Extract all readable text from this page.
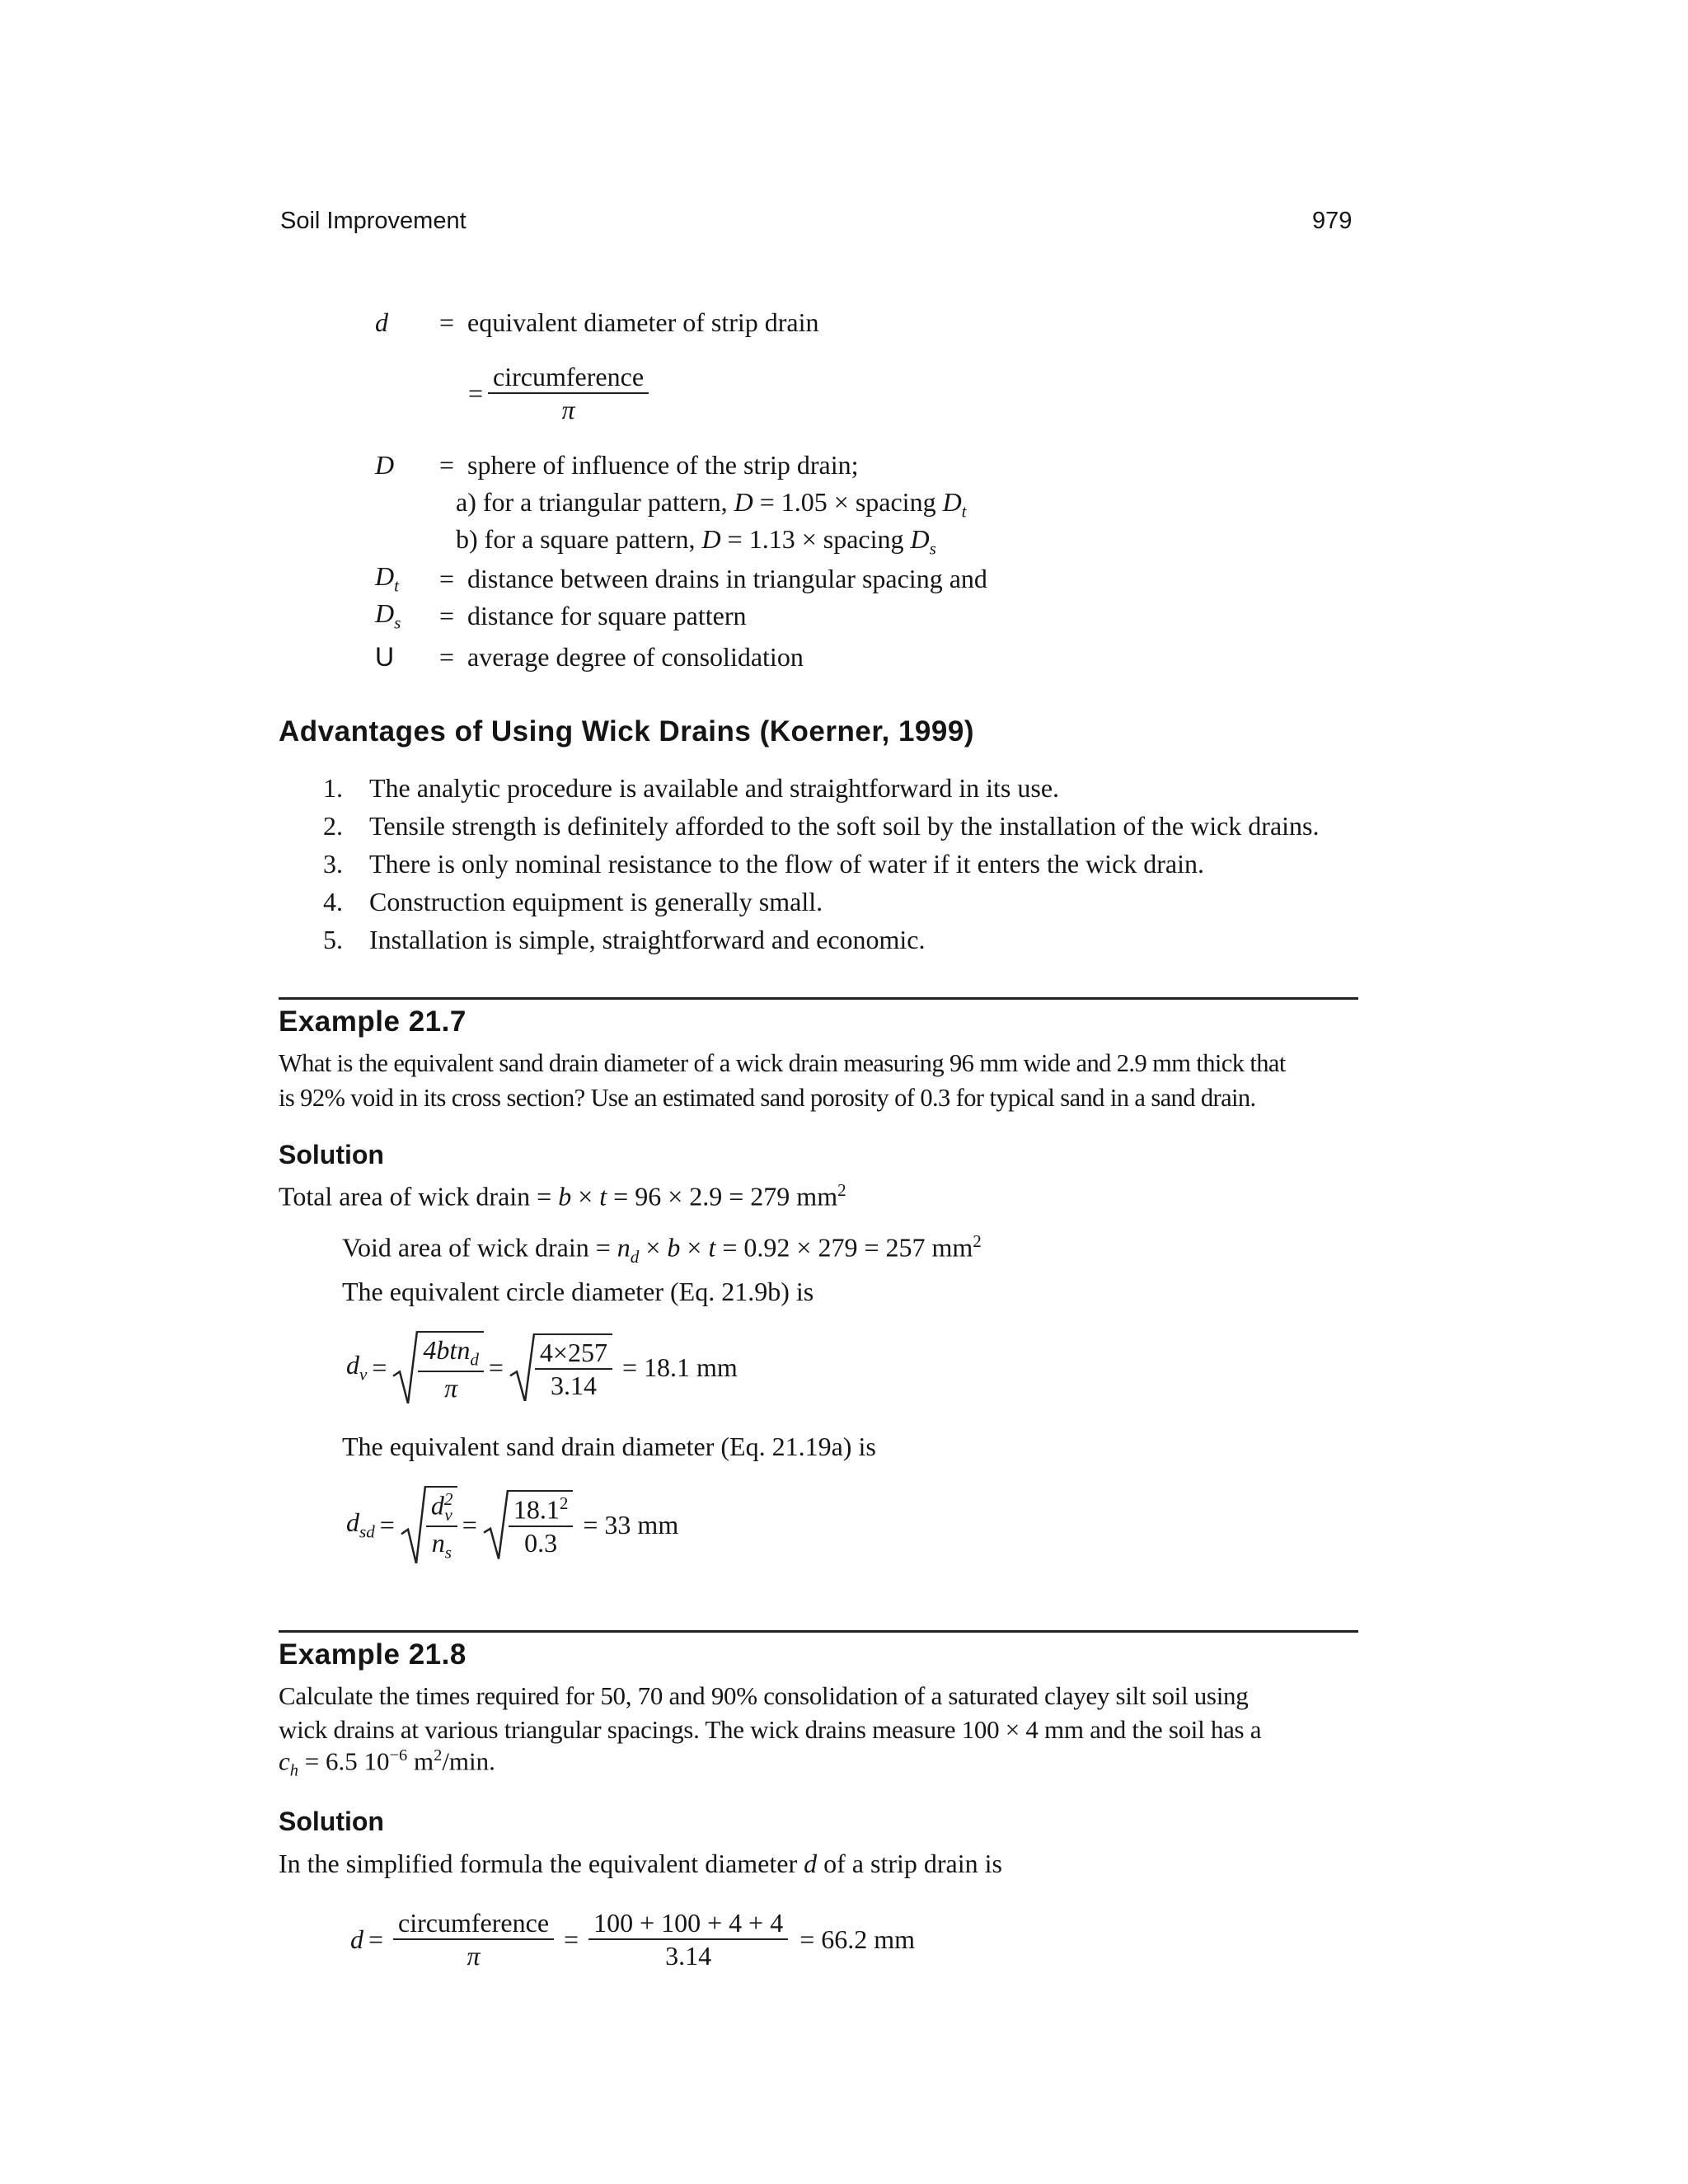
Soil Improvement	979
d	= equivalent diameter of strip drain
= $\frac{\text{circumference}}{\pi}$
D	= sphere of influence of the strip drain;
a) for a triangular pattern, D = 1.05 × spacing $D_t$
b) for a square pattern, D = 1.13 × spacing $D_s$
$D_t$	= distance between drains in triangular spacing and
$D_s$	= distance for square pattern
U	= average degree of consolidation
Advantages of Using Wick Drains (Koerner, 1999)
1. The analytic procedure is available and straightforward in its use.
2. Tensile strength is definitely afforded to the soft soil by the installation of the wick drains.
3. There is only nominal resistance to the flow of water if it enters the wick drain.
4. Construction equipment is generally small.
5. Installation is simple, straightforward and economic.
Example 21.7
What is the equivalent sand drain diameter of a wick drain measuring 96 mm wide and 2.9 mm thick that
is 92% void in its cross section? Use an estimated sand porosity of 0.3 for typical sand in a sand drain.
Solution
Total area of wick drain = b × t = 96 × 2.9 = 279 $mm^2$
Void area of wick drain = $n_d \times b \times t = 0.92 \times 279 = 257$ $mm^2$
The equivalent circle diameter (Eq. 21.9b) is
$d_v = \frac{4btn_d}{\pi} = \frac{4\times 257}{3.14} = 18.1$ mm
The equivalent sand drain diameter (Eq. 21.19a) is
$d_{sd} = \frac{d^2_v}{n_s} = \frac{18.1^2}{0.3} = 33$ mm
Example 21.8
Calculate the times required for 50, 70 and 90% consolidation of a saturated clayey silt soil using
wick drains at various triangular spacings. The wick drains measure 100 × 4 mm and the soil has a
$c_h = 6.5$ $10^{-6}$ $m^2/\min$.
Solution
In the simplified formula the equivalent diameter d of a strip drain is
$d = \frac{\text{circumference}}{\pi} = \frac{100 + 100 + 4 + 4}{3.14} = 66.2$ mm
